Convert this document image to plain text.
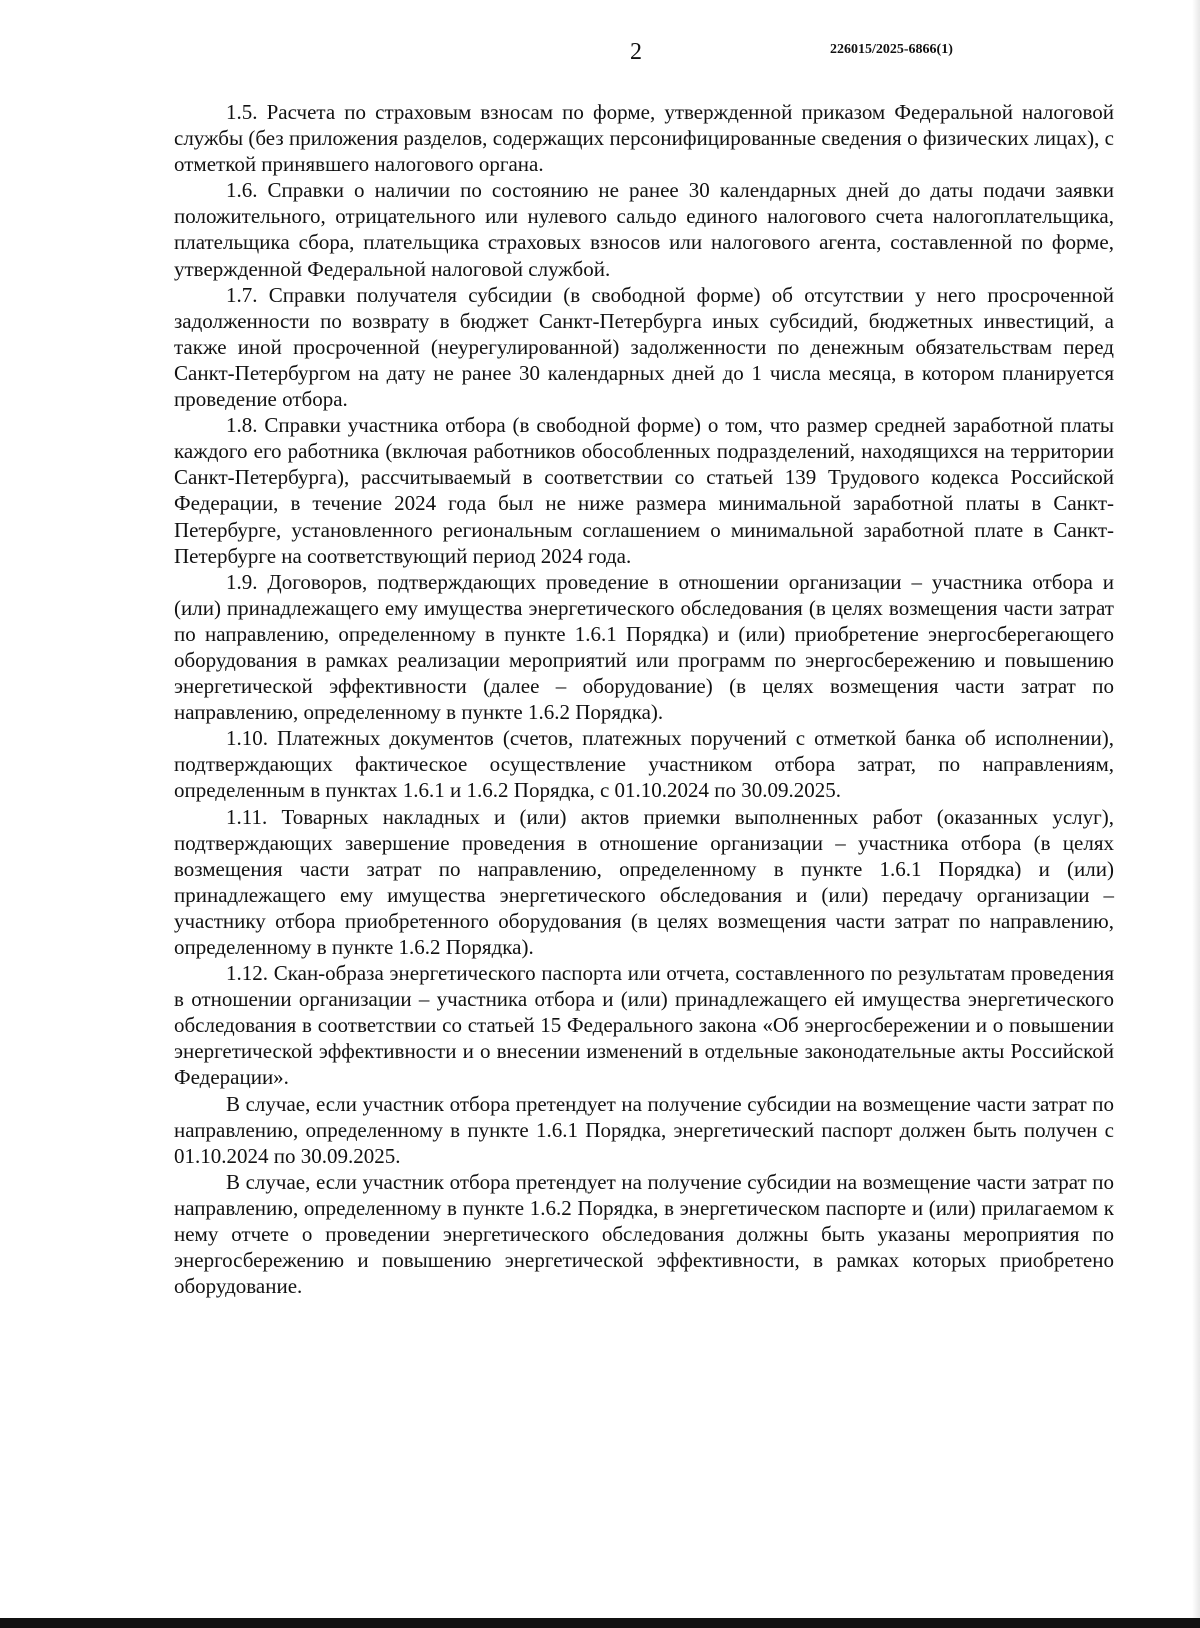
2	226015/2025-6866(1)

1.5. Расчета по страховым взносам по форме, утвержденной приказом Федеральной налоговой службы (без приложения разделов, содержащих персонифицированные сведения о физических лицах), с отметкой принявшего налогового органа.

1.6. Справки о наличии по состоянию не ранее 30 календарных дней до даты подачи заявки положительного, отрицательного или нулевого сальдо единого налогового счета налогоплательщика, плательщика сбора, плательщика страховых взносов или налогового агента, составленной по форме, утвержденной Федеральной налоговой службой.

1.7. Справки получателя субсидии (в свободной форме) об отсутствии у него просроченной задолженности по возврату в бюджет Санкт-Петербурга иных субсидий, бюджетных инвестиций, а также иной просроченной (неурегулированной) задолженности по денежным обязательствам перед Санкт-Петербургом на дату не ранее 30 календарных дней до 1 числа месяца, в котором планируется проведение отбора.

1.8. Справки участника отбора (в свободной форме) о том, что размер средней заработной платы каждого его работника (включая работников обособленных подразделений, находящихся на территории Санкт-Петербурга), рассчитываемый в соответствии со статьей 139 Трудового кодекса Российской Федерации, в течение 2024 года был не ниже размера минимальной заработной платы в Санкт-Петербурге, установленного региональным соглашением о минимальной заработной плате в Санкт-Петербурге на соответствующий период 2024 года.

1.9. Договоров, подтверждающих проведение в отношении организации – участника отбора и (или) принадлежащего ему имущества энергетического обследования (в целях возмещения части затрат по направлению, определенному в пункте 1.6.1 Порядка) и (или) приобретение энергосберегающего оборудования в рамках реализации мероприятий или программ по энергосбережению и повышению энергетической эффективности (далее – оборудование) (в целях возмещения части затрат по направлению, определенному в пункте 1.6.2 Порядка).

1.10. Платежных документов (счетов, платежных поручений с отметкой банка об исполнении), подтверждающих фактическое осуществление участником отбора затрат, по направлениям, определенным в пунктах 1.6.1 и 1.6.2 Порядка, с 01.10.2024 по 30.09.2025.

1.11. Товарных накладных и (или) актов приемки выполненных работ (оказанных услуг), подтверждающих завершение проведения в отношение организации – участника отбора (в целях возмещения части затрат по направлению, определенному в пункте 1.6.1 Порядка) и (или) принадлежащего ему имущества энергетического обследования и (или) передачу организации – участнику отбора приобретенного оборудования (в целях возмещения части затрат по направлению, определенному в пункте 1.6.2 Порядка).

1.12. Скан-образа энергетического паспорта или отчета, составленного по результатам проведения в отношении организации – участника отбора и (или) принадлежащего ей имущества энергетического обследования в соответствии со статьей 15 Федерального закона «Об энергосбережении и о повышении энергетической эффективности и о внесении изменений в отдельные законодательные акты Российской Федерации».

В случае, если участник отбора претендует на получение субсидии на возмещение части затрат по направлению, определенному в пункте 1.6.1 Порядка, энергетический паспорт должен быть получен с 01.10.2024 по 30.09.2025.

В случае, если участник отбора претендует на получение субсидии на возмещение части затрат по направлению, определенному в пункте 1.6.2 Порядка, в энергетическом паспорте и (или) прилагаемом к нему отчете о проведении энергетического обследования должны быть указаны мероприятия по энергосбережению и повышению энергетической эффективности, в рамках которых приобретено оборудование.
